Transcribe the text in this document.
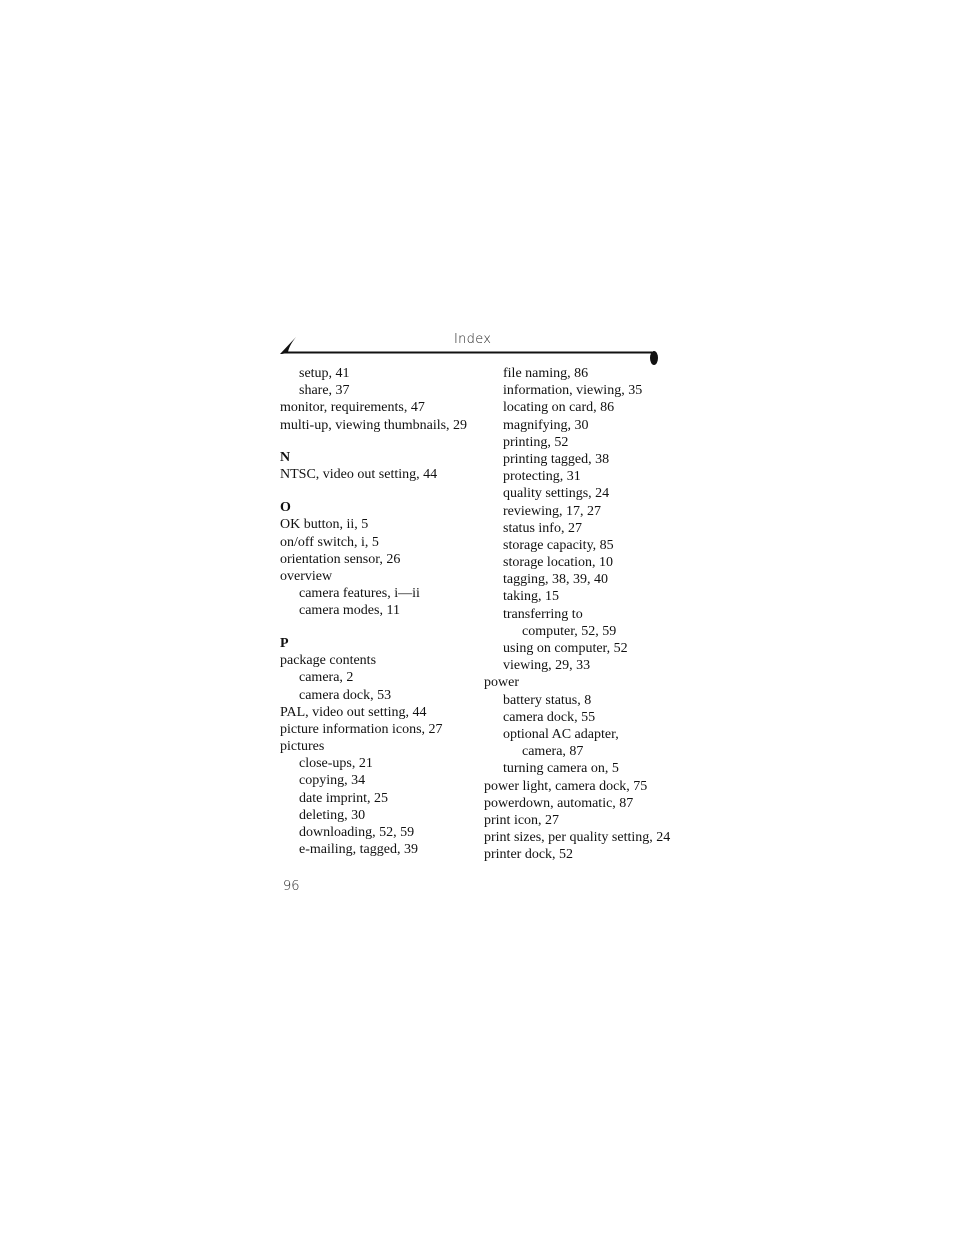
Index
setup, 41
share, 37
monitor, requirements, 47
multi-up, viewing thumbnails, 29
N
NTSC, video out setting, 44
O
OK button, ii, 5
on/off switch, i, 5
orientation sensor, 26
overview
camera features, i—ii
camera modes, 11
P
package contents
camera, 2
camera dock, 53
PAL, video out setting, 44
picture information icons, 27
pictures
close-ups, 21
copying, 34
date imprint, 25
deleting, 30
downloading, 52, 59
e-mailing, tagged, 39
file naming, 86
information, viewing, 35
locating on card, 86
magnifying, 30
printing, 52
printing tagged, 38
protecting, 31
quality settings, 24
reviewing, 17, 27
status info, 27
storage capacity, 85
storage location, 10
tagging, 38, 39, 40
taking, 15
transferring to
computer, 52, 59
using on computer, 52
viewing, 29, 33
power
battery status, 8
camera dock, 55
optional AC adapter,
camera, 87
turning camera on, 5
power light, camera dock, 75
powerdown, automatic, 87
print icon, 27
print sizes, per quality setting, 24
printer dock, 52
96
